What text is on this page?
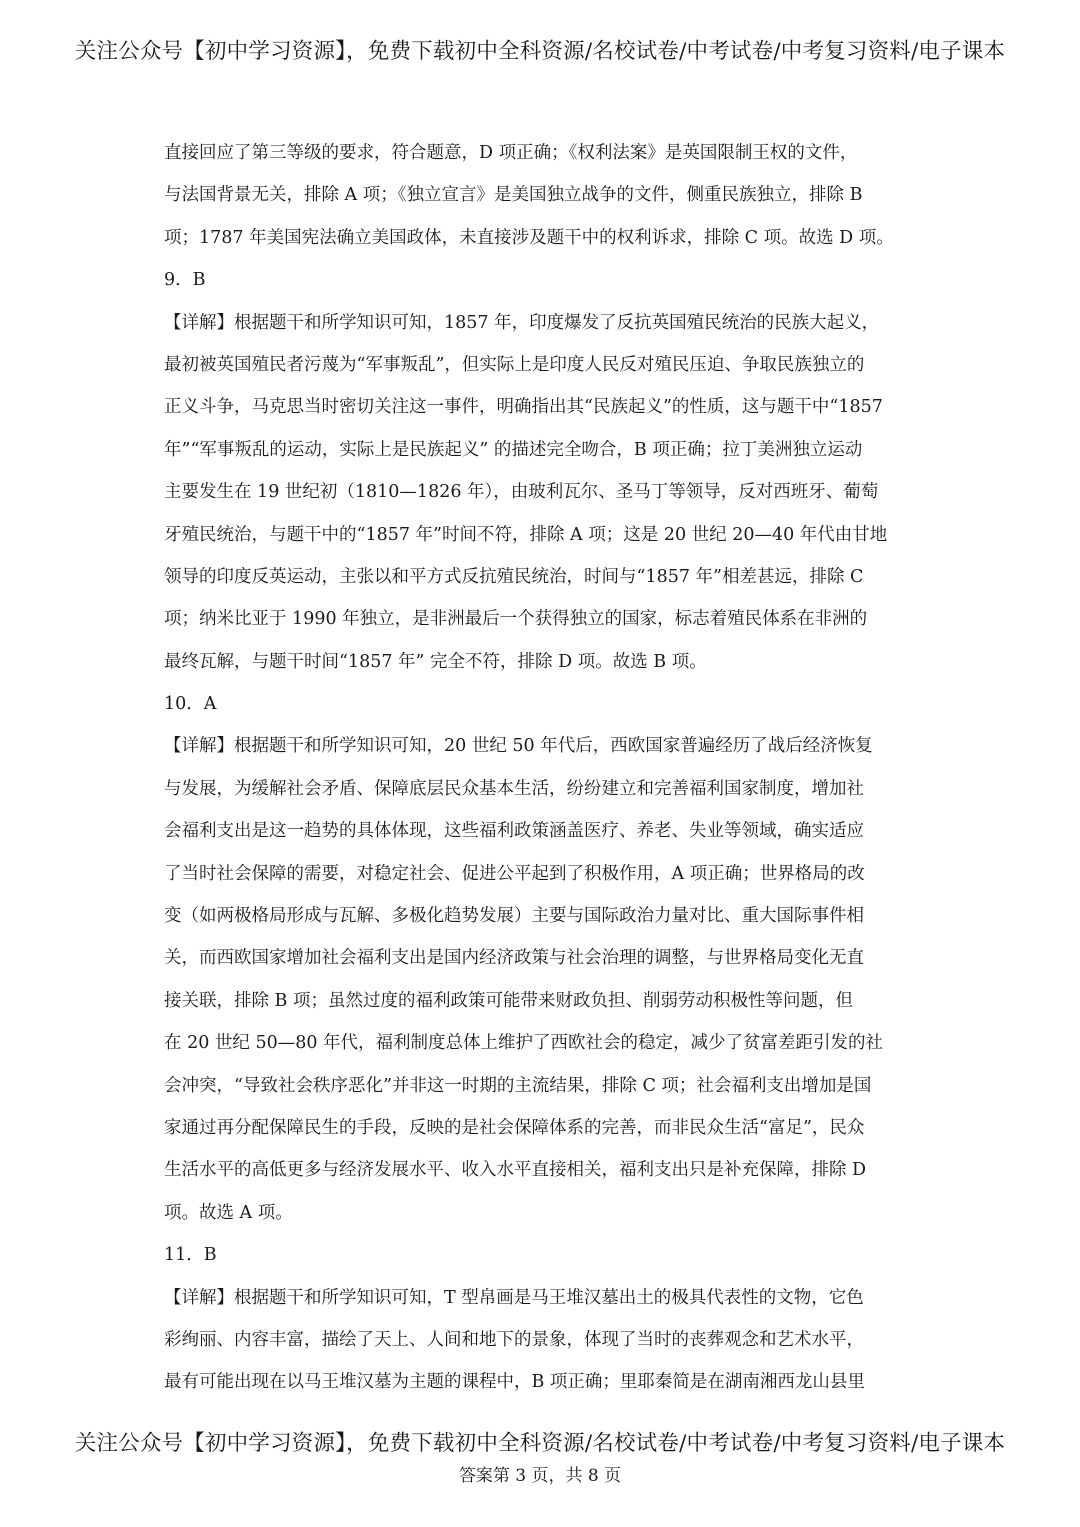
关注公众号【初中学习资源】，免费下载初中全科资源/名校试卷/中考试卷/中考复习资料/电子课本
直接回应了第三等级的要求，符合题意，D 项正确；《权利法案》是英国限制王权的文件，
与法国背景无关，排除 A 项；《独立宣言》是美国独立战争的文件，侧重民族独立，排除 B
项；1787 年美国宪法确立美国政体，未直接涉及题干中的权利诉求，排除 C 项。故选 D 项。
9．B
【详解】根据题干和所学知识可知，1857 年，印度爆发了反抗英国殖民统治的民族大起义，
最初被英国殖民者污蔑为“军事叛乱”，但实际上是印度人民反对殖民压迫、争取民族独立的
正义斗争，马克思当时密切关注这一事件，明确指出其“民族起义”的性质，这与题干中“1857
年”“军事叛乱的运动，实际上是民族起义” 的描述完全吻合，B 项正确；拉丁美洲独立运动
主要发生在 19 世纪初（1810—1826 年），由玻利瓦尔、圣马丁等领导，反对西班牙、葡萄
牙殖民统治，与题干中的“1857 年”时间不符，排除 A 项；这是 20 世纪 20—40 年代由甘地
领导的印度反英运动，主张以和平方式反抗殖民统治，时间与“1857 年”相差甚远，排除 C
项；纳米比亚于 1990 年独立，是非洲最后一个获得独立的国家，标志着殖民体系在非洲的
最终瓦解，与题干时间“1857 年” 完全不符，排除 D 项。故选 B 项。
10．A
【详解】根据题干和所学知识可知，20 世纪 50 年代后，西欧国家普遍经历了战后经济恢复
与发展，为缓解社会矛盾、保障底层民众基本生活，纷纷建立和完善福利国家制度，增加社
会福利支出是这一趋势的具体体现，这些福利政策涵盖医疗、养老、失业等领域，确实适应
了当时社会保障的需要，对稳定社会、促进公平起到了积极作用，A 项正确；世界格局的改
变（如两极格局形成与瓦解、多极化趋势发展）主要与国际政治力量对比、重大国际事件相
关，而西欧国家增加社会福利支出是国内经济政策与社会治理的调整，与世界格局变化无直
接关联，排除 B 项；虽然过度的福利政策可能带来财政负担、削弱劳动积极性等问题，但
在 20 世纪 50—80 年代，福利制度总体上维护了西欧社会的稳定，减少了贫富差距引发的社
会冲突，“导致社会秩序恶化”并非这一时期的主流结果，排除 C 项；社会福利支出增加是国
家通过再分配保障民生的手段，反映的是社会保障体系的完善，而非民众生活“富足”，民众
生活水平的高低更多与经济发展水平、收入水平直接相关，福利支出只是补充保障，排除 D
项。故选 A 项。
11．B
【详解】根据题干和所学知识可知，T 型帛画是马王堆汉墓出土的极具代表性的文物，它色
彩绚丽、内容丰富，描绘了天上、人间和地下的景象，体现了当时的丧葬观念和艺术水平，
最有可能出现在以马王堆汉墓为主题的课程中，B 项正确；里耶秦简是在湖南湘西龙山县里
关注公众号【初中学习资源】，免费下载初中全科资源/名校试卷/中考试卷/中考复习资料/电子课本
答案第 3 页，共 8 页
